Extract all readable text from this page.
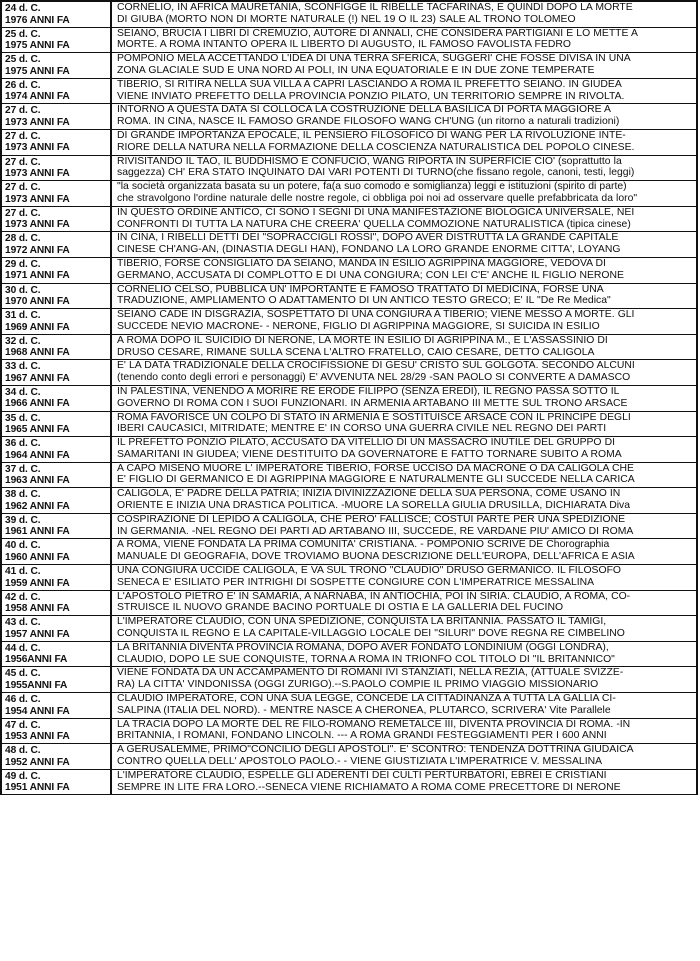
24 d. C.
1976 ANNI FA
CORNELIO, IN AFRICA MAURETANIA, SCONFIGGE IL RIBELLE TACFARINAS, E QUINDI DOPO LA MORTE
DI GIUBA (MORTO NON DI MORTE NATURALE (!) NEL 19 O IL 23) SALE AL TRONO TOLOMEO
25 d. C.
1975 ANNI FA
SEIANO, BRUCIA I LIBRI DI CREMUZIO, AUTORE DI ANNALI, CHE CONSIDERA PARTIGIANI E LO METTE A
MORTE. A ROMA INTANTO OPERA IL LIBERTO DI AUGUSTO, IL FAMOSO FAVOLISTA FEDRO
25 d. C.
1975 ANNI FA
POMPONIO MELA ACCETTANDO L'IDEA DI UNA TERRA SFERICA, SUGGERI' CHE FOSSE DIVISA IN UNA
ZONA GLACIALE SUD E UNA NORD AI POLI, IN UNA EQUATORIALE E IN DUE ZONE TEMPERATE
26 d. C.
1974 ANNI FA
TIBERIO, SI RITIRA NELLA SUA VILLA A CAPRI LASCIANDO A ROMA IL PREFETTO SEIANO. IN GIUDEA
VIENE INVIATO PREFETTO DELLA PROVINCIA PONZIO PILATO, UN TERRITORIO SEMPRE IN RIVOLTA.
27 d. C.
1973 ANNI FA
INTORNO A QUESTA DATA SI COLLOCA LA COSTRUZIONE DELLA BASILICA DI PORTA MAGGIORE A
ROMA. IN CINA, NASCE IL FAMOSO GRANDE FILOSOFO WANG CH'UNG (un ritorno a naturali tradizioni)
27 d. C.
1973 ANNI FA
DI GRANDE IMPORTANZA EPOCALE, IL PENSIERO FILOSOFICO DI WANG PER LA RIVOLUZIONE INTE-
RIORE DELLA NATURA NELLA FORMAZIONE DELLA COSCIENZA NATURALISTICA DEL POPOLO CINESE.
27 d. C.
1973 ANNI FA
RIVISITANDO IL TAO, IL BUDDHISMO E CONFUCIO, WANG RIPORTA IN SUPERFICIE CIO' (soprattutto la
saggezza) CH' ERA STATO INQUINATO DAI VARI POTENTI DI TURNO(che fissano regole, canoni, testi, leggi)
27 d. C.
1973 ANNI FA
"la società organizzata basata su un potere, fa(a suo comodo e somiglianza) leggi e istituzioni (spirito di parte)
che stravolgono l'ordine naturale delle nostre regole, ci obbliga poi noi ad osservare quelle prefabbricata da loro"
27 d. C.
1973 ANNI FA
IN QUESTO ORDINE ANTICO, CI SONO I SEGNI DI UNA MANIFESTAZIONE BIOLOGICA UNIVERSALE, NEI
CONFRONTI DI TUTTA LA NATURA CHE CREERA' QUELLA COMMOZIONE NATURALISTICA (tipica cinese)
28 d. C.
1972 ANNI FA
IN CINA, I RIBELLI DETTI DEI "SOPRACCIGLI ROSSI", DOPO AVER DISTRUTTA LA GRANDE CAPITALE
CINESE CH'ANG-AN, (DINASTIA DEGLI HAN), FONDANO LA LORO GRANDE ENORME CITTA', LOYANG
29 d. C.
1971 ANNI FA
TIBERIO, FORSE CONSIGLIATO DA SEIANO, MANDA IN ESILIO AGRIPPINA MAGGIORE, VEDOVA DI
GERMANO, ACCUSATA DI COMPLOTTO E DI UNA CONGIURA; CON LEI C'E' ANCHE IL FIGLIO NERONE
30 d. C.
1970 ANNI FA
CORNELIO CELSO, PUBBLICA UN' IMPORTANTE E FAMOSO TRATTATO DI MEDICINA, FORSE UNA
TRADUZIONE, AMPLIAMENTO O ADATTAMENTO DI UN ANTICO TESTO GRECO; E' IL "De Re Medica"
31 d. C.
1969 ANNI FA
SEIANO CADE IN DISGRAZIA, SOSPETTATO DI UNA CONGIURA A TIBERIO; VIENE MESSO A MORTE. GLI
SUCCEDE NEVIO MACRONE- - NERONE, FIGLIO DI AGRIPPINA MAGGIORE, SI SUICIDA IN ESILIO
32 d. C.
1968 ANNI FA
A ROMA DOPO IL SUICIDIO DI NERONE, LA MORTE IN ESILIO DI AGRIPPINA M., E L'ASSASSINIO DI
DRUSO CESARE, RIMANE SULLA SCENA L'ALTRO FRATELLO, CAIO CESARE, DETTO CALIGOLA
33 d. C.
1967 ANNI FA
E' LA DATA TRADIZIONALE DELLA CROCIFISSIONE DI GESU' CRISTO SUL GOLGOTA. SECONDO ALCUNI
(tenendo conto degli errori e personaggi) E' AVVENUTA NEL 28/29 -SAN PAOLO SI CONVERTE A DAMASCO
34 d. C.
1966 ANNI FA
IN PALESTINA, VENENDO A MORIRE RE ERODE FILIPPO (SENZA EREDI), IL REGNO PASSA SOTTO IL
GOVERNO DI ROMA CON I SUOI FUNZIONARI. IN ARMENIA ARTABANO III METTE SUL TRONO ARSACE
35 d. C.
1965 ANNI FA
ROMA FAVORISCE UN COLPO DI STATO IN ARMENIA E SOSTITUISCE ARSACE CON IL PRINCIPE DEGLI
IBERI CAUCASICI, MITRIDATE; MENTRE E' IN CORSO UNA GUERRA CIVILE NEL REGNO DEI PARTI
36 d. C.
1964 ANNI FA
IL PREFETTO PONZIO PILATO, ACCUSATO DA VITELLIO DI UN MASSACRO INUTILE DEL GRUPPO DI
SAMARITANI IN GIUDEA; VIENE DESTITUITO DA GOVERNATORE E FATTO TORNARE SUBITO A ROMA
37 d. C.
1963 ANNI FA
A CAPO MISENO MUORE L' IMPERATORE TIBERIO, FORSE UCCISO DA MACRONE O DA CALIGOLA CHE
E' FIGLIO DI GERMANICO E DI AGRIPPINA MAGGIORE E NATURALMENTE GLI SUCCEDE NELLA CARICA
38 d. C.
1962 ANNI FA
CALIGOLA, E' PADRE DELLA PATRIA; INIZIA DIVINIZZAZIONE DELLA SUA PERSONA, COME USANO IN
ORIENTE E INIZIA UNA DRASTICA POLITICA. -MUORE LA SORELLA GIULIA DRUSILLA, DICHIARATA Diva
39 d. C.
1961 ANNI FA
COSPIRAZIONE DI LEPIDO A CALIGOLA, CHE PERO' FALLISCE; COSTUI PARTE PER UNA SPEDIZIONE
IN GERMANIA. -NEL REGNO DEI PARTI AD ARTABANO III, SUCCEDE, RE VARDANE PIU' AMICO DI ROMA
40 d. C.
1960 ANNI FA
A ROMA, VIENE FONDATA LA PRIMA COMUNITA' CRISTIANA. - POMPONIO SCRIVE DE Chorographia
MANUALE DI GEOGRAFIA, DOVE TROVIAMO BUONA DESCRIZIONE DELL'EUROPA, DELL'AFRICA E ASIA
41 d. C.
1959 ANNI FA
UNA CONGIURA UCCIDE CALIGOLA, E VA SUL TRONO "CLAUDIO" DRUSO GERMANICO. IL FILOSOFO
SENECA E' ESILIATO PER INTRIGHI DI SOSPETTE CONGIURE CON L'IMPERATRICE MESSALINA
42 d. C.
1958 ANNI FA
L'APOSTOLO PIETRO E' IN SAMARIA, A NARNABA, IN ANTIOCHIA, POI IN SIRIA. CLAUDIO, A ROMA, CO-
STRUISCE IL NUOVO GRANDE BACINO PORTUALE DI OSTIA E LA GALLERIA DEL FUCINO
43 d. C.
1957 ANNI FA
L'IMPERATORE CLAUDIO, CON UNA SPEDIZIONE, CONQUISTA LA BRITANNIA. PASSATO IL TAMIGI,
CONQUISTA IL REGNO E LA CAPITALE-VILLAGGIO LOCALE DEI "SILURI" DOVE REGNA RE CIMBELINO
44 d. C.
1956ANNI FA
LA BRITANNIA DIVENTA PROVINCIA ROMANA, DOPO AVER FONDATO LONDINIUM (OGGI LONDRA),
CLAUDIO, DOPO LE SUE CONQUISTE, TORNA A ROMA IN TRIONFO COL TITOLO DI "IL BRITANNICO"
45 d. C.
1955ANNI FA
VIENE FONDATA DA UN ACCAMPAMENTO DI ROMANI IVI STANZIATI, NELLA REZIA, (ATTUALE SVIZZE-
RA) LA CITTA' VINDONISSA (OGGI ZURIGO).--S.PAOLO COMPIE IL PRIMO VIAGGIO MISSIONARIO
46 d. C.
1954 ANNI FA
CLAUDIO IMPERATORE, CON UNA SUA LEGGE, CONCEDE LA CITTADINANZA A TUTTA LA GALLIA CI-
SALPINA (ITALIA DEL NORD). - MENTRE NASCE A CHERONEA, PLUTARCO, SCRIVERA' Vite Parallele
47 d. C.
1953 ANNI FA
LA TRACIA DOPO LA MORTE DEL RE FILO-ROMANO REMETALCE III, DIVENTA PROVINCIA DI ROMA. -IN
BRITANNIA, I ROMANI, FONDANO LINCOLN. --- A ROMA GRANDI FESTEGGIAMENTI PER I 600 ANNI
48 d. C.
1952 ANNI FA
A GERUSALEMME, PRIMO"CONCILIO DEGLI APOSTOLI". E' SCONTRO: TENDENZA DOTTRINA GIUDAICA
CONTRO QUELLA DELL' APOSTOLO PAOLO.- - VIENE GIUSTIZIATA L'IMPERATRICE V. MESSALINA
49 d. C.
1951 ANNI FA
L'IMPERATORE CLAUDIO, ESPELLE GLI ADERENTI DEI CULTI PERTURBATORI, EBREI E CRISTIANI
SEMPRE IN LITE FRA LORO.--SENECA VIENE RICHIAMATO A ROMA COME PRECETTORE DI NERONE
